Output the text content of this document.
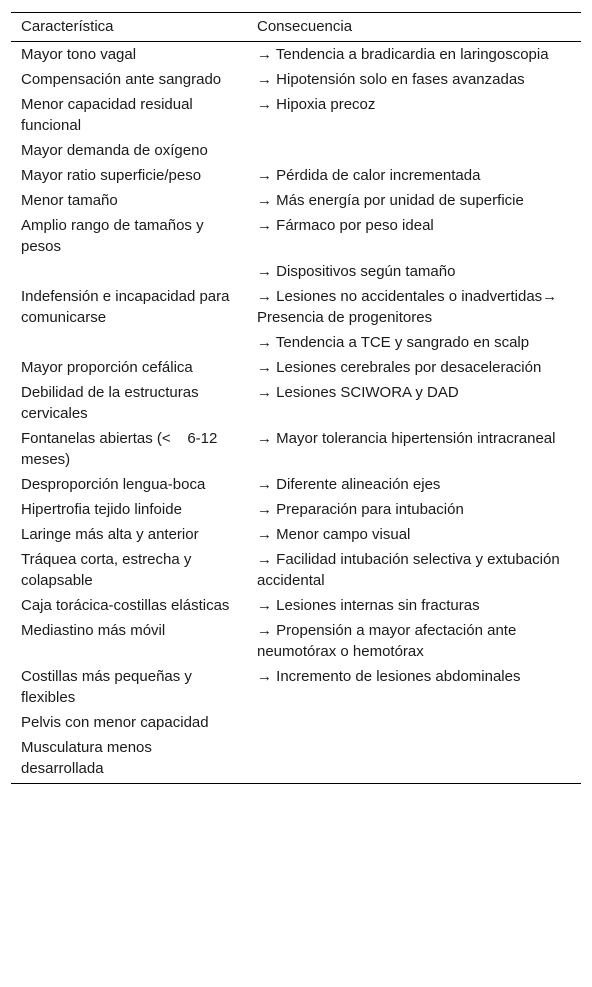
Característica	Consecuencia
Mayor tono vagal	→ Tendencia a bradicardia en laringoscopia
Compensación ante sangrado	→ Hipotensión solo en fases avanzadas
Menor capacidad residual funcional	→ Hipoxia precoz
Mayor demanda de oxígeno	
Mayor ratio superficie/peso	→ Pérdida de calor incrementada
Menor tamaño	→ Más energía por unidad de superficie
Amplio rango de tamaños y pesos	→ Fármaco por peso ideal
	→ Dispositivos según tamaño
Indefensión e incapacidad para comunicarse	→ Lesiones no accidentales o inadvertidas→ Presencia de progenitores
	→ Tendencia a TCE y sangrado en scalp
Mayor proporción cefálica	→ Lesiones cerebrales por desaceleración
Debilidad de la estructuras cervicales	→ Lesiones SCIWORA y DAD
Fontanelas abiertas (<    6-12 meses)	→ Mayor tolerancia hipertensión intracraneal
Desproporción lengua-boca	→ Diferente alineación ejes
Hipertrofia tejido linfoide	→ Preparación para intubación
Laringe más alta y anterior	→ Menor campo visual
Tráquea corta, estrecha y colapsable	→ Facilidad intubación selectiva y extubación accidental
Caja torácica-costillas elásticas	→ Lesiones internas sin fracturas
Mediastino más móvil	→ Propensión a mayor afectación ante neumotórax o hemotórax
Costillas más pequeñas y flexibles	→ Incremento de lesiones abdominales
Pelvis con menor capacidad	
Musculatura menos desarrollada	
